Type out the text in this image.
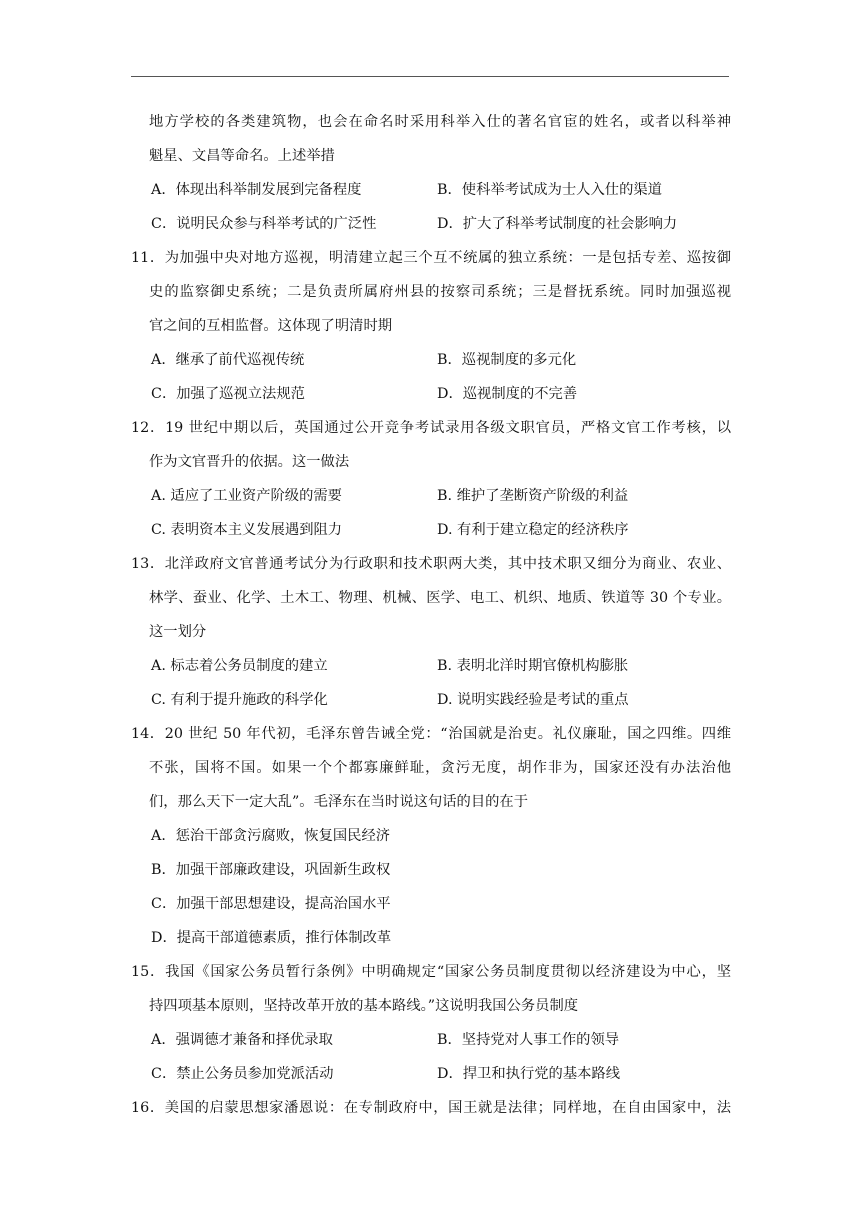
地方学校的各类建筑物，也会在命名时采用科举入仕的著名官宦的姓名，或者以科举神
魁星、文昌等命名。上述举措
A．体现出科举制发展到完备程度	B．使科举考试成为士人入仕的渠道
C．说明民众参与科举考试的广泛性	D．扩大了科举考试制度的社会影响力
11．为加强中央对地方巡视，明清建立起三个互不统属的独立系统：一是包括专差、巡按御
史的监察御史系统；二是负责所属府州县的按察司系统；三是督抚系统。同时加强巡视
官之间的互相监督。这体现了明清时期
A．继承了前代巡视传统	B．巡视制度的多元化
C．加强了巡视立法规范	D．巡视制度的不完善
12．19 世纪中期以后，英国通过公开竞争考试录用各级文职官员，严格文官工作考核，以
作为文官晋升的依据。这一做法
A. 适应了工业资产阶级的需要	B. 维护了垄断资产阶级的利益
C. 表明资本主义发展遇到阻力	D. 有利于建立稳定的经济秩序
13．北洋政府文官普通考试分为行政职和技术职两大类，其中技术职又细分为商业、农业、
林学、蚕业、化学、土木工、物理、机械、医学、电工、机织、地质、铁道等 30 个专业。
这一划分
A. 标志着公务员制度的建立	B. 表明北洋时期官僚机构膨胀
C. 有利于提升施政的科学化	D. 说明实践经验是考试的重点
14．20 世纪 50 年代初，毛泽东曾告诫全党：“治国就是治吏。礼仪廉耻，国之四维。四维
不张，国将不国。如果一个个都寡廉鲜耻，贪污无度，胡作非为，国家还没有办法治他
们，那么天下一定大乱”。毛泽东在当时说这句话的目的在于
A．惩治干部贪污腐败，恢复国民经济
B．加强干部廉政建设，巩固新生政权
C．加强干部思想建设，提高治国水平
D．提高干部道德素质，推行体制改革
15．我国《国家公务员暂行条例》中明确规定“国家公务员制度贯彻以经济建设为中心，坚
持四项基本原则，坚持改革开放的基本路线。”这说明我国公务员制度
A．强调德才兼备和择优录取	B．坚持党对人事工作的领导
C．禁止公务员参加党派活动	D．捍卫和执行党的基本路线
16．美国的启蒙思想家潘恩说：在专制政府中，国王就是法律；同样地，在自由国家中，法
